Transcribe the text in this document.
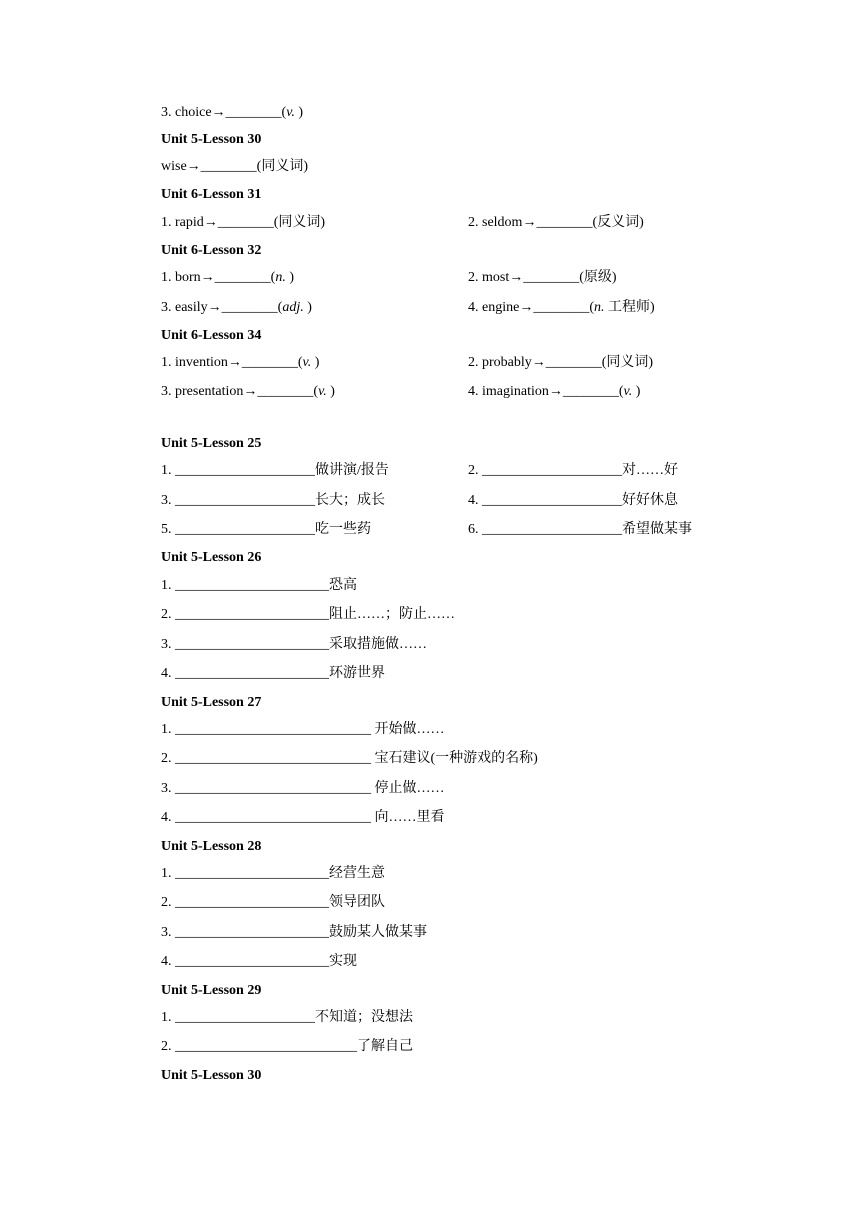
3. choice→________(v. )
Unit 5-Lesson 30
wise→________(同义词)
Unit 6-Lesson 31
1. rapid→________(同义词)	2. seldom→________(反义词)
Unit 6-Lesson 32
1. born→________(n. )	2. most→________(原级)
3. easily→________(adj. )	4. engine→________(n. 工程师)
Unit 6-Lesson 34
1. invention→________(v. )	2. probably→________(同义词)
3. presentation→________(v. )	4. imagination→________(v. )
Unit 5-Lesson 25
1. ____________________做讲演/报告	2. ____________________对……好
3. ____________________长大；成长	4. ____________________好好休息
5. ____________________吃一些药	6. ____________________希望做某事
Unit 5-Lesson 26
1. ______________________恐高
2. ______________________阻止……；防止……
3. ______________________采取措施做……
4. ______________________环游世界
Unit 5-Lesson 27
1. ____________________________ 开始做……
2. ____________________________ 宝石建议(一种游戏的名称)
3. ____________________________ 停止做……
4. ____________________________ 向……里看
Unit 5-Lesson 28
1. ______________________经营生意
2. ______________________领导团队
3. ______________________鼓励某人做某事
4. ______________________实现
Unit 5-Lesson 29
1. ____________________不知道；没想法
2. __________________________了解自己
Unit 5-Lesson 30
